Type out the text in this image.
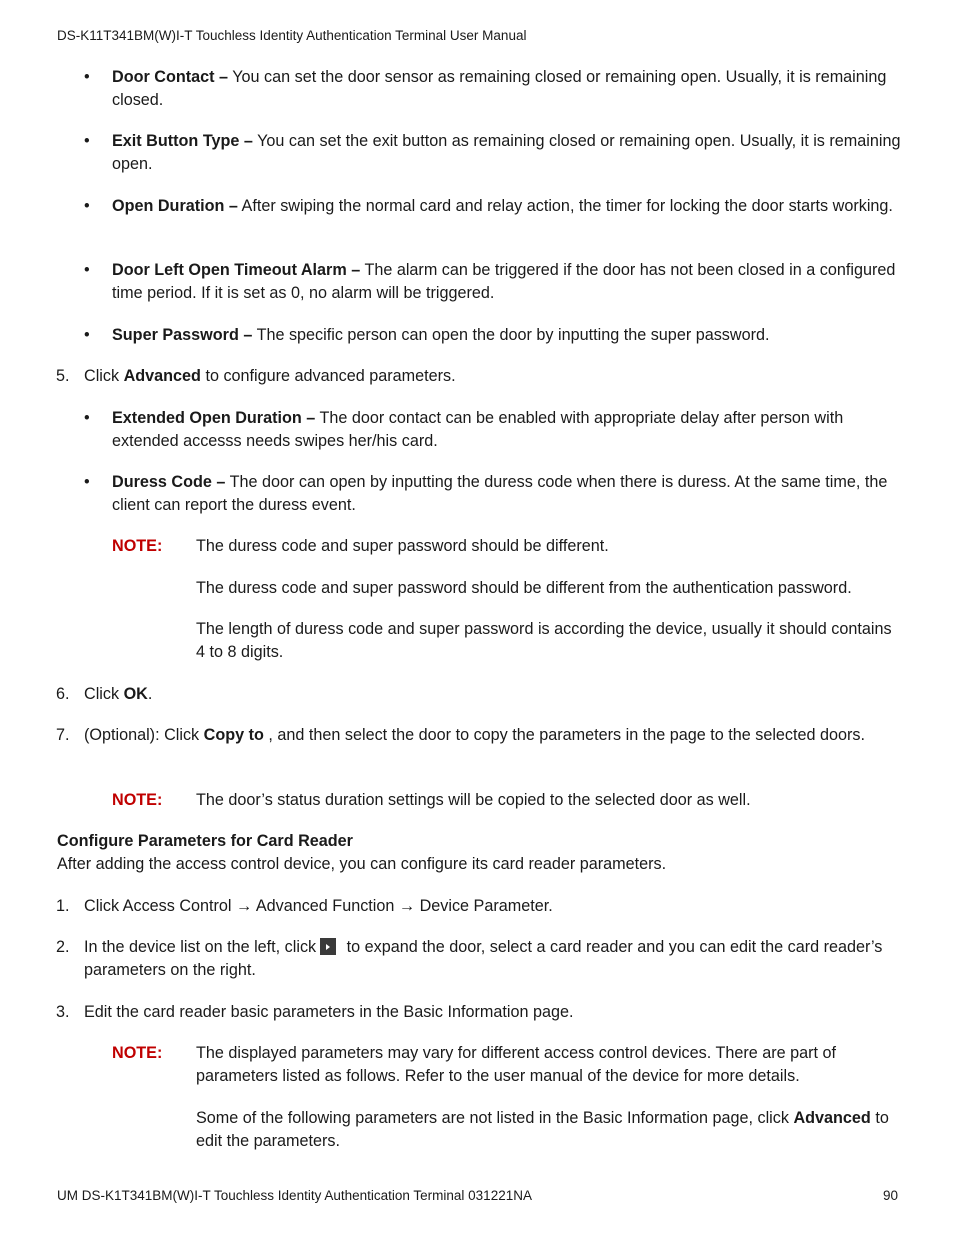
DS-K11T341BM(W)I-T Touchless Identity Authentication Terminal User Manual
• Door Contact – You can set the door sensor as remaining closed or remaining open. Usually, it is remaining closed.
• Exit Button Type – You can set the exit button as remaining closed or remaining open. Usually, it is remaining open.
• Open Duration – After swiping the normal card and relay action, the timer for locking the door starts working.
• Door Left Open Timeout Alarm – The alarm can be triggered if the door has not been closed in a configured time period. If it is set as 0, no alarm will be triggered.
• Super Password – The specific person can open the door by inputting the super password.
5. Click Advanced to configure advanced parameters.
• Extended Open Duration – The door contact can be enabled with appropriate delay after person with extended accesss needs swipes her/his card.
• Duress Code – The door can open by inputting the duress code when there is duress. At the same time, the client can report the duress event.
NOTE: The duress code and super password should be different.
The duress code and super password should be different from the authentication password.
The length of duress code and super password is according the device, usually it should contains 4 to 8 digits.
6. Click OK.
7. (Optional): Click Copy to , and then select the door to copy the parameters in the page to the selected doors.
NOTE: The door’s status duration settings will be copied to the selected door as well.
Configure Parameters for Card Reader
After adding the access control device, you can configure its card reader parameters.
1. Click Access Control → Advanced Function → Device Parameter.
2. In the device list on the left, click to expand the door, select a card reader and you can edit the card reader’s parameters on the right.
3. Edit the card reader basic parameters in the Basic Information page.
NOTE: The displayed parameters may vary for different access control devices. There are part of parameters listed as follows. Refer to the user manual of the device for more details.
Some of the following parameters are not listed in the Basic Information page, click Advanced to edit the parameters.
UM DS-K1T341BM(W)I-T Touchless Identity Authentication Terminal 031221NA	90
